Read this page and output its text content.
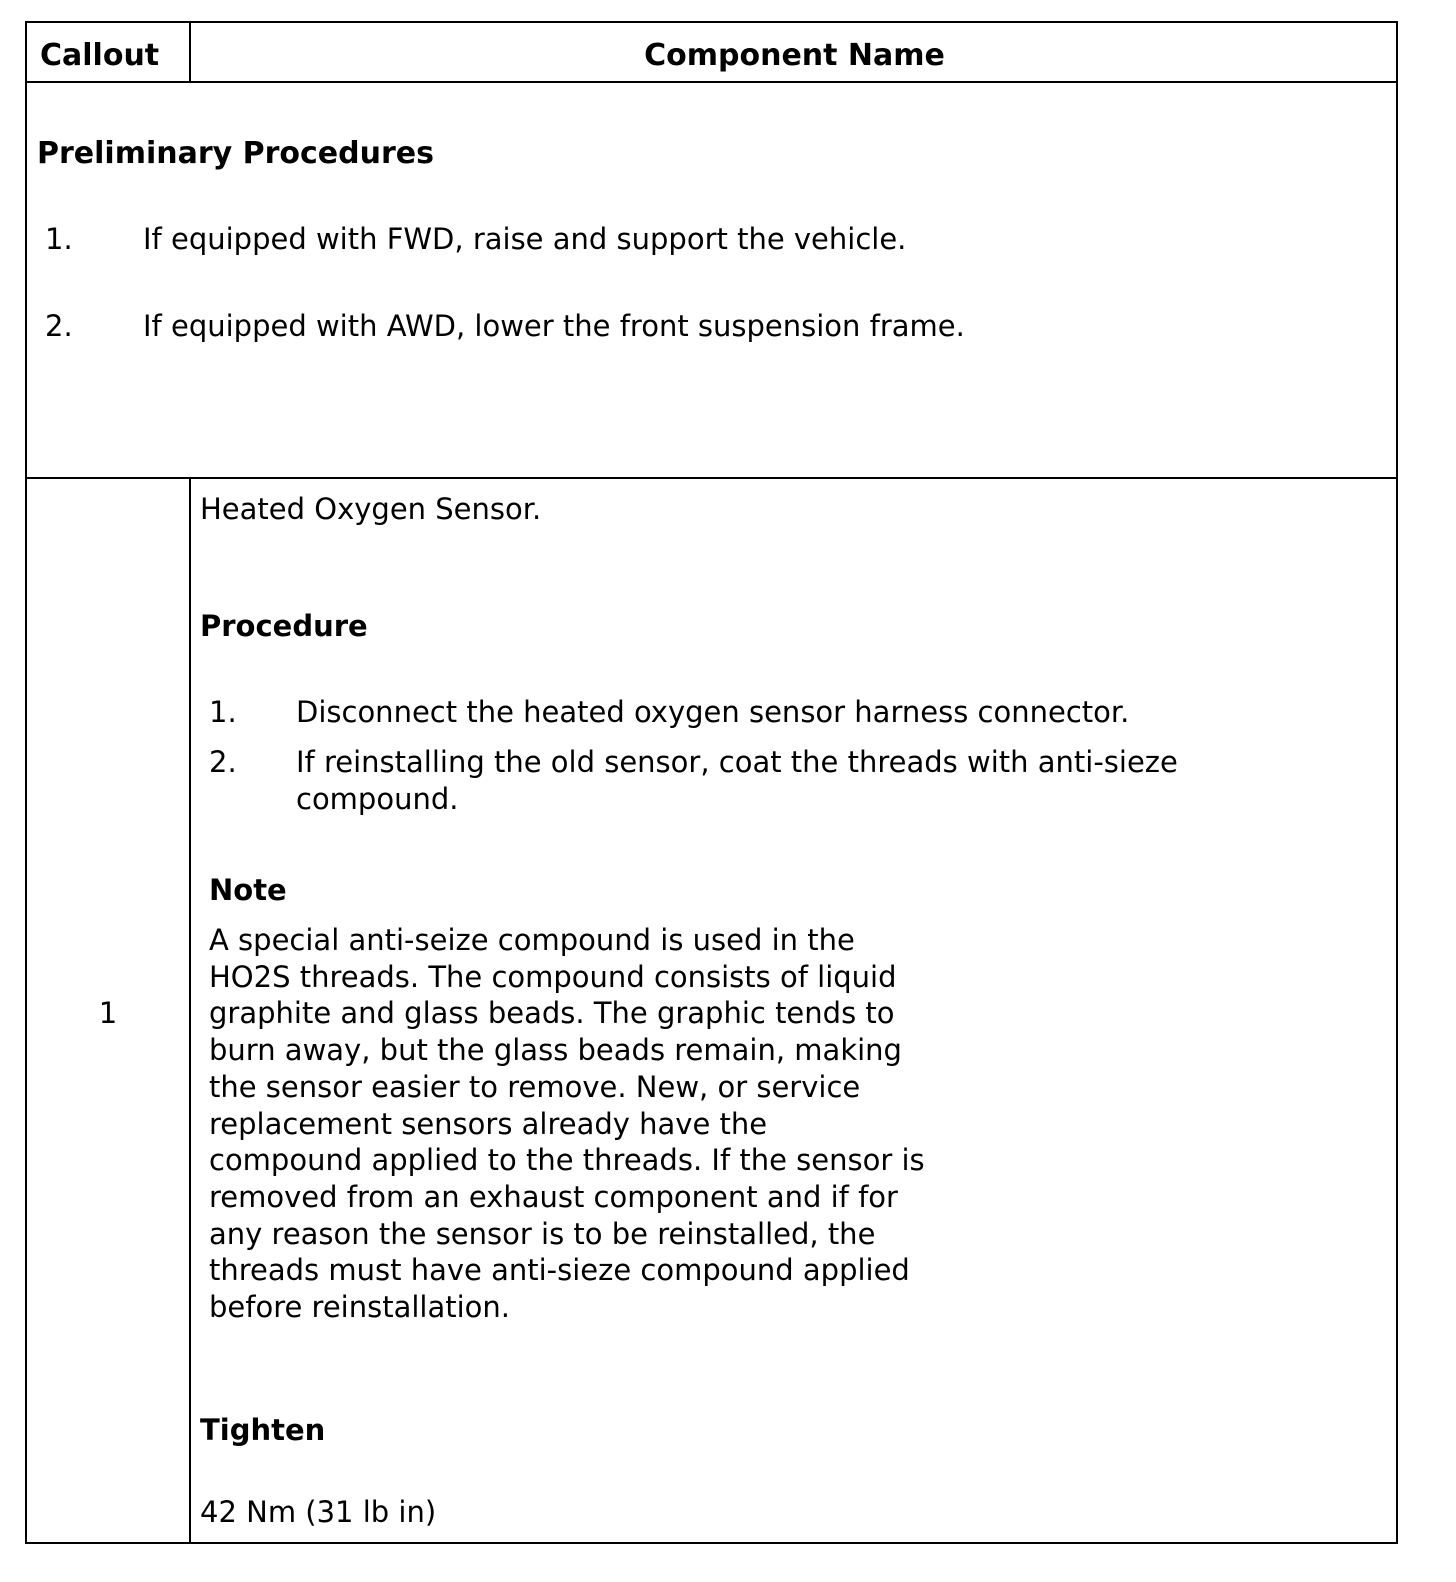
Callout	Component Name
Preliminary Procedures
1. If equipped with FWD, raise and support the vehicle.
2. If equipped with AWD, lower the front suspension frame.
1
Heated Oxygen Sensor.
Procedure
1. Disconnect the heated oxygen sensor harness connector.
2. If reinstalling the old sensor, coat the threads with anti-sieze
compound.
Note
A special anti-seize compound is used in the HO2S threads. The compound consists of liquid graphite and glass beads. The graphic tends to burn away, but the glass beads remain, making the sensor easier to remove. New, or service replacement sensors already have the compound applied to the threads. If the sensor is removed from an exhaust component and if for any reason the sensor is to be reinstalled, the threads must have anti-sieze compound applied before reinstallation.
Tighten
42 Nm (31 lb in)
